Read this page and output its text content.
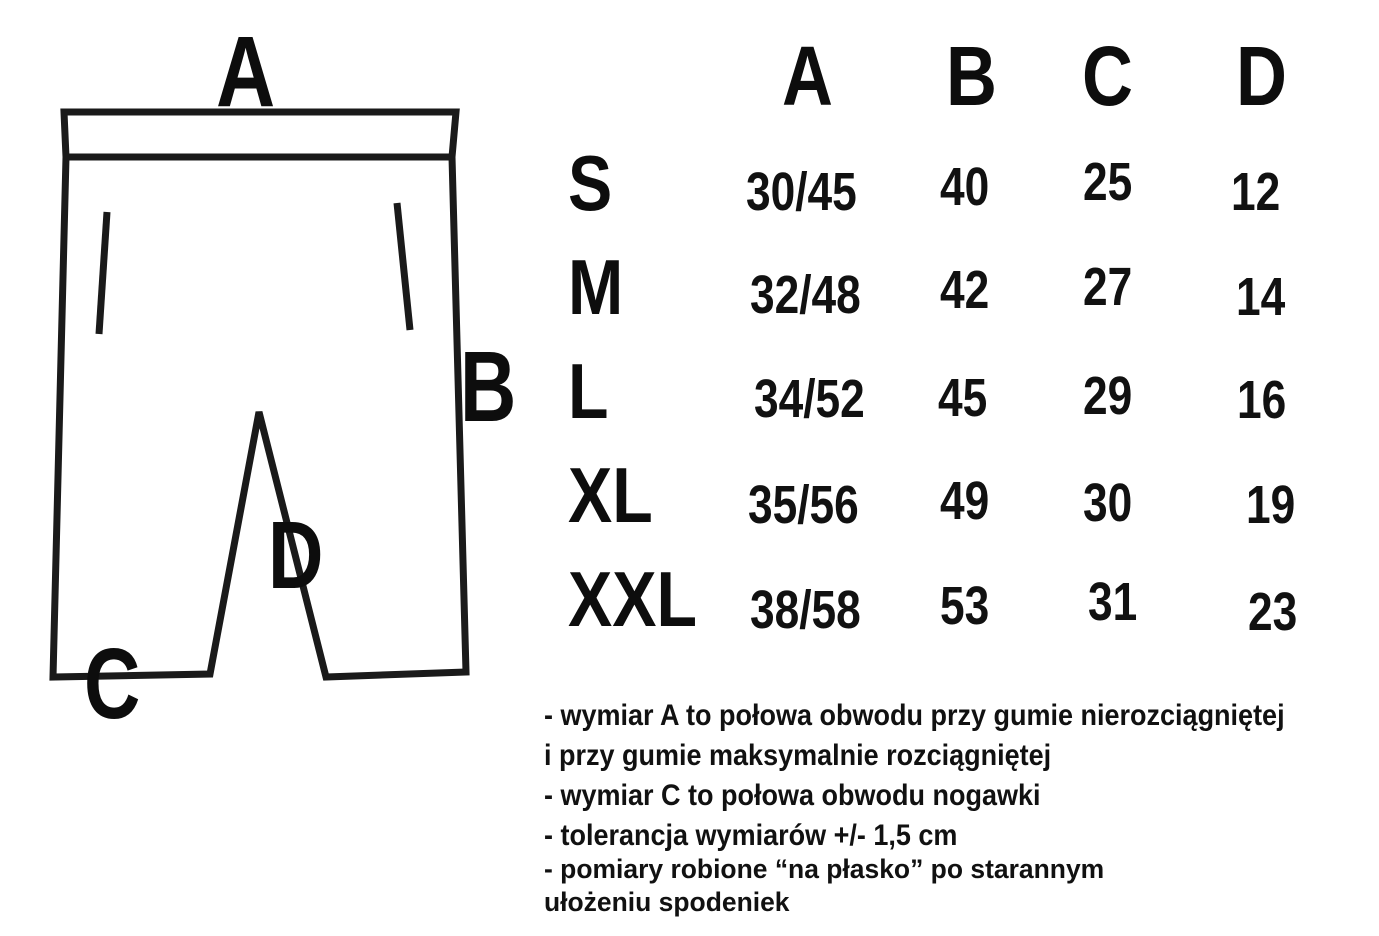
A
B
D
C
A B C D
S 30/45 40 25 12
M 32/48 42 27 14
L	34/52 45 29 16
XL 35/56 49 30 19
XXL 38/58 53 31 23
- wymiar A to połowa obwodu przy gumie nierozciągniętej
i przy gumie maksymalnie rozciągniętej
- wymiar C to połowa obwodu nogawki
- tolerancja wymiarów +/- 1,5 cm
- pomiary robione “na płasko” po starannym
ułożeniu spodeniek
